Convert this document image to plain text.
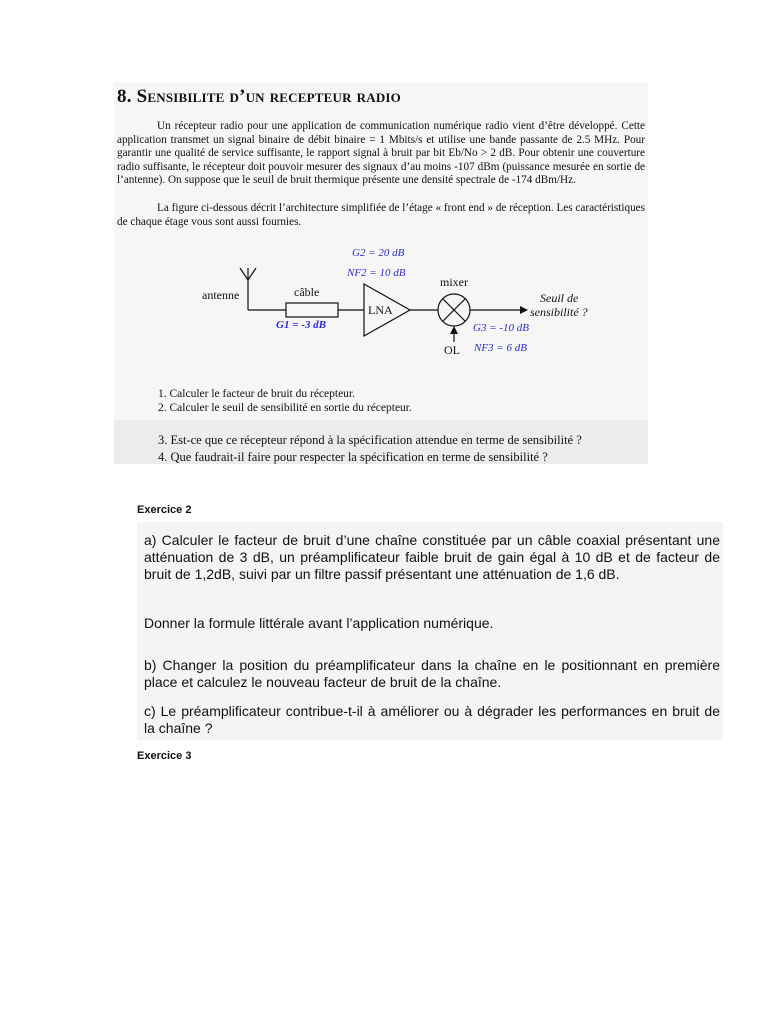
8. Sensibilite d’un recepteur radio

Un récepteur radio pour une application de communication numérique radio vient d’être développé. Cette application transmet un signal binaire de débit binaire = 1 Mbits/s et utilise une bande passante de 2.5 MHz. Pour garantir une qualité de service suffisante, le rapport signal à bruit par bit Eb/No > 2 dB. Pour obtenir une couverture radio suffisante, le récepteur doit pouvoir mesurer des signaux d’au moins -107 dBm (puissance mesurée en sortie de l’antenne). On suppose que le seuil de bruit thermique présente une densité spectrale de -174 dBm/Hz.

La figure ci-dessous décrit l’architecture simplifiée de l’étage « front end » de réception. Les caractéristiques de chaque étage vous sont aussi fournies.

antenne	câble
G1 = -3 dB
LNA
G2 = 20 dB
NF2 = 10 dB
mixer
OL
Seuil de
sensibilité ?
G3 = -10 dB
NF3 = 6 dB

1. Calculer le facteur de bruit du récepteur.

2. Calculer le seuil de sensibilité en sortie du récepteur.

3. Est-ce que ce récepteur répond à la spécification attendue en terme de sensibilité ?

4. Que faudrait-il faire pour respecter la spécification en terme de sensibilité ?

Exercice 2

a) Calculer le facteur de bruit d’une chaîne constituée par un câble coaxial présentant une atténuation de 3 dB, un préamplificateur faible bruit de gain égal à 10 dB et de facteur de bruit de 1,2dB, suivi par un filtre passif présentant une atténuation de 1,6 dB.

Donner la formule littérale avant l’application numérique.

b) Changer la position du préamplificateur dans la chaîne en le positionnant en première place et calculez le nouveau facteur de bruit de la chaîne.

c) Le préamplificateur contribue-t-il à améliorer ou à dégrader les performances en bruit de la chaîne ?

Exercice 3
